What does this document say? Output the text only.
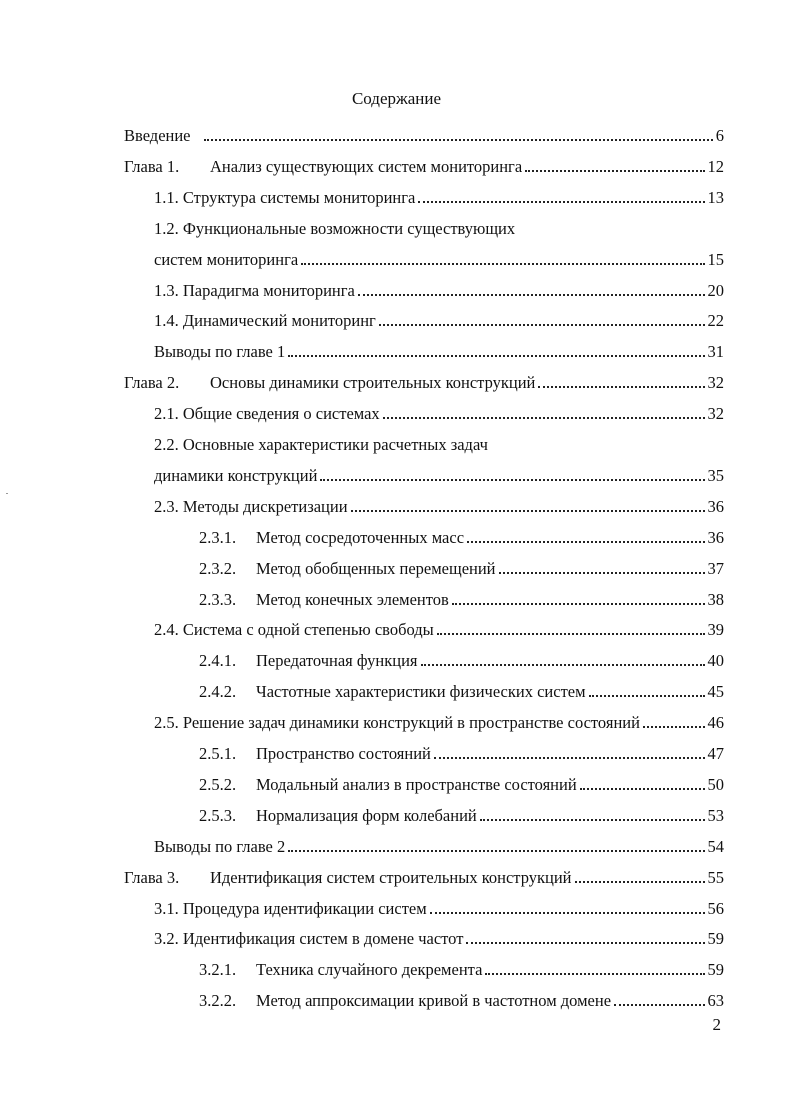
Содержание
Введение	6
Глава 1. Анализ существующих систем мониторинга	12
1.1. Структура системы мониторинга	13
1.2. Функциональные возможности существующих
систем мониторинга	15
1.3. Парадигма мониторинга	20
1.4. Динамический мониторинг	22
Выводы по главе 1	31
Глава 2. Основы динамики строительных конструкций	32
2.1. Общие сведения о системах	32
2.2. Основные характеристики расчетных задач
динамики конструкций	35
2.3. Методы дискретизации	36
2.3.1. Метод сосредоточенных масс	36
2.3.2. Метод обобщенных перемещений	37
2.3.3. Метод конечных элементов	38
2.4. Система с одной степенью свободы	39
2.4.1. Передаточная функция	40
2.4.2. Частотные характеристики физических систем	45
2.5. Решение задач динамики конструкций в пространстве состояний	46
2.5.1. Пространство состояний	47
2.5.2. Модальный анализ в пространстве состояний	50
2.5.3. Нормализация форм колебаний	53
Выводы по главе 2	54
Глава 3. Идентификация систем строительных конструкций	55
3.1. Процедура идентификации систем	56
3.2. Идентификация систем в домене частот	59
3.2.1. Техника случайного декремента	59
3.2.2. Метод аппроксимации кривой в частотном домене	63
2
